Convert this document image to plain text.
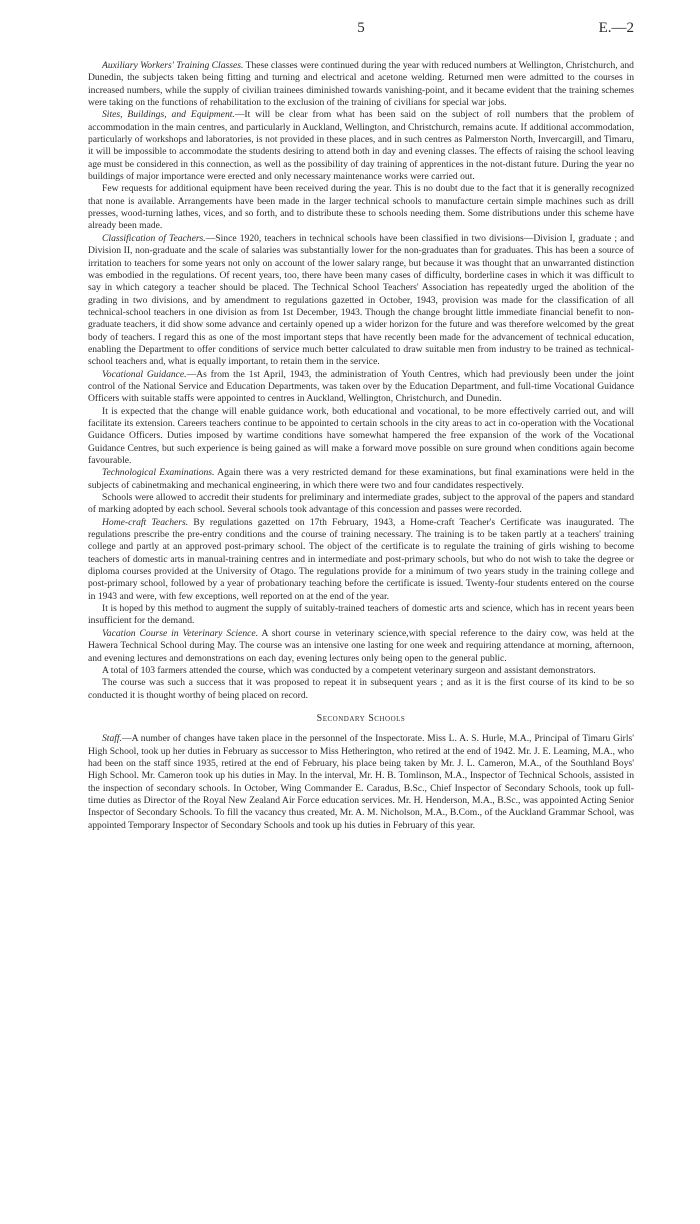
5	E.—2

Auxiliary Workers' Training Classes. These classes were continued during the year with reduced numbers at Wellington, Christchurch, and Dunedin, the subjects taken being fitting and turning and electrical and acetone welding. Returned men were admitted to the courses in increased numbers, while the supply of civilian trainees diminished towards vanishing-point, and it became evident that the training schemes were taking on the functions of rehabilitation to the exclusion of the training of civilians for special war jobs.

Sites, Buildings, and Equipment.—It will be clear from what has been said on the subject of roll numbers that the problem of accommodation in the main centres, and particularly in Auckland, Wellington, and Christchurch, remains acute. If additional accommodation, particularly of workshops and laboratories, is not provided in these places, and in such centres as Palmerston North, Invercargill, and Timaru, it will be impossible to accommodate the students desiring to attend both in day and evening classes. The effects of raising the school leaving age must be considered in this connection, as well as the possibility of day training of apprentices in the not-distant future. During the year no buildings of major importance were erected and only necessary maintenance works were carried out.

Few requests for additional equipment have been received during the year. This is no doubt due to the fact that it is generally recognized that none is available. Arrangements have been made in the larger technical schools to manufacture certain simple machines such as drill presses, wood-turning lathes, vices, and so forth, and to distribute these to schools needing them. Some distributions under this scheme have already been made.

Classification of Teachers.—Since 1920, teachers in technical schools have been classified in two divisions—Division I, graduate ; and Division II, non-graduate and the scale of salaries was substantially lower for the non-graduates than for graduates. This has been a source of irritation to teachers for some years not only on account of the lower salary range, but because it was thought that an unwarranted distinction was embodied in the regulations. Of recent years, too, there have been many cases of difficulty, borderline cases in which it was difficult to say in which category a teacher should be placed. The Technical School Teachers' Association has repeatedly urged the abolition of the grading in two divisions, and by amendment to regulations gazetted in October, 1943, provision was made for the classification of all technical-school teachers in one division as from 1st December, 1943. Though the change brought little immediate financial benefit to non-graduate teachers, it did show some advance and certainly opened up a wider horizon for the future and was therefore welcomed by the great body of teachers. I regard this as one of the most important steps that have recently been made for the advancement of technical education, enabling the Department to offer conditions of service much better calculated to draw suitable men from industry to be trained as technical-school teachers and, what is equally important, to retain them in the service.

Vocational Guidance.—As from the 1st April, 1943, the administration of Youth Centres, which had previously been under the joint control of the National Service and Education Departments, was taken over by the Education Department, and full-time Vocational Guidance Officers with suitable staffs were appointed to centres in Auckland, Wellington, Christchurch, and Dunedin.

It is expected that the change will enable guidance work, both educational and vocational, to be more effectively carried out, and will facilitate its extension. Careers teachers continue to be appointed to certain schools in the city areas to act in co-operation with the Vocational Guidance Officers. Duties imposed by wartime conditions have somewhat hampered the free expansion of the work of the Vocational Guidance Centres, but such experience is being gained as will make a forward move possible on sure ground when conditions again become favourable.

Technological Examinations. Again there was a very restricted demand for these examinations, but final examinations were held in the subjects of cabinetmaking and mechanical engineering, in which there were two and four candidates respectively.

Schools were allowed to accredit their students for preliminary and intermediate grades, subject to the approval of the papers and standard of marking adopted by each school. Several schools took advantage of this concession and passes were recorded.

Home-craft Teachers. By regulations gazetted on 17th February, 1943, a Home-craft Teacher's Certificate was inaugurated. The regulations prescribe the pre-entry conditions and the course of training necessary. The training is to be taken partly at a teachers' training college and partly at an approved post-primary school. The object of the certificate is to regulate the training of girls wishing to become teachers of domestic arts in manual-training centres and in intermediate and post-primary schools, but who do not wish to take the degree or diploma courses provided at the University of Otago. The regulations provide for a minimum of two years study in the training college and post-primary school, followed by a year of probationary teaching before the certificate is issued. Twenty-four students entered on the course in 1943 and were, with few exceptions, well reported on at the end of the year.

It is hoped by this method to augment the supply of suitably-trained teachers of domestic arts and science, which has in recent years been insufficient for the demand.

Vacation Course in Veterinary Science. A short course in veterinary science,with special reference to the dairy cow, was held at the Hawera Technical School during May. The course was an intensive one lasting for one week and requiring attendance at morning, afternoon, and evening lectures and demonstrations on each day, evening lectures only being open to the general public.

A total of 103 farmers attended the course, which was conducted by a competent veterinary surgeon and assistant demonstrators.

The course was such a success that it was proposed to repeat it in subsequent years ; and as it is the first course of its kind to be so conducted it is thought worthy of being placed on record.

Secondary Schools

Staff.—A number of changes have taken place in the personnel of the Inspectorate. Miss L. A. S. Hurle, M.A., Principal of Timaru Girls' High School, took up her duties in February as successor to Miss Hetherington, who retired at the end of 1942. Mr. J. E. Leaming, M.A., who had been on the staff since 1935, retired at the end of February, his place being taken by Mr. J. L. Cameron, M.A., of the Southland Boys' High School. Mr. Cameron took up his duties in May. In the interval, Mr. H. B. Tomlinson, M.A., Inspector of Technical Schools, assisted in the inspection of secondary schools. In October, Wing Commander E. Caradus, B.Sc., Chief Inspector of Secondary Schools, took up full-time duties as Director of the Royal New Zealand Air Force education services. Mr. H. Henderson, M.A., B.Sc., was appointed Acting Senior Inspector of Secondary Schools. To fill the vacancy thus created, Mr. A. M. Nicholson, M.A., B.Com., of the Auckland Grammar School, was appointed Temporary Inspector of Secondary Schools and took up his duties in February of this year.
